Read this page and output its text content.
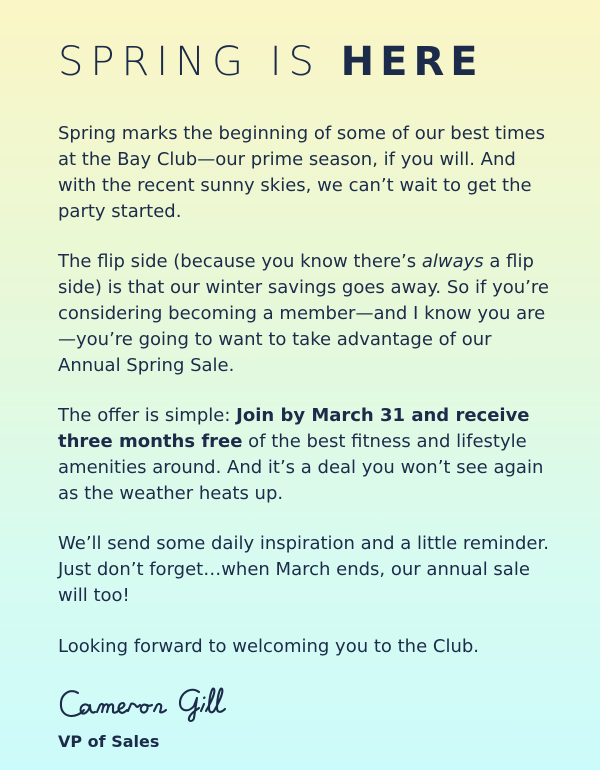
SPRING IS HERE

Spring marks the beginning of some of our best times at the Bay Club—our prime season, if you will. And with the recent sunny skies, we can’t wait to get the party started.

The flip side (because you know there’s always a flip side) is that our winter savings goes away. So if you’re considering becoming a member—and I know you are—you’re going to want to take advantage of our Annual Spring Sale.

The offer is simple: Join by March 31 and receive three months free of the best fitness and lifestyle amenities around. And it’s a deal you won’t see again as the weather heats up.

We’ll send some daily inspiration and a little reminder. Just don’t forget…when March ends, our annual sale will too!

Looking forward to welcoming you to the Club.

VP of Sales
